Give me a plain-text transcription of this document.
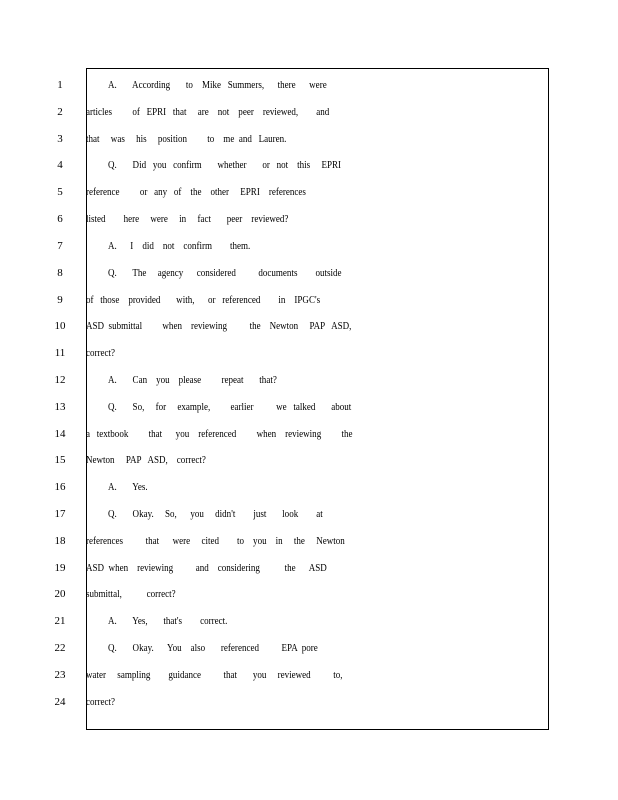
1	A.       According       to    Mike   Summers,      there      were
2	articles         of   EPRI   that     are    not    peer    reviewed,        and
3	that     was     his     position         to    me  and   Lauren.
4	Q.       Did   you   confirm       whether       or   not    this     EPRI
5	reference         or   any   of    the    other     EPRI    references
6	listed        here     were     in     fact       peer    reviewed?
7	A.      I    did    not    confirm        them.
8	Q.       The     agency      considered          documents        outside
9	of   those    provided       with,      or   referenced        in    IPGC's
10 ASD  submittal         when    reviewing          the    Newton     PAP   ASD,
11 correct?
12	A.       Can    you    please         repeat       that?
13	Q.       So,     for     example,         earlier          we   talked       about
14 a   textbook         that      you    referenced         when    reviewing         the
15 Newton     PAP   ASD,    correct?
16	A.       Yes.
17	Q.       Okay.     So,      you     didn't        just       look        at
18 references          that      were     cited        to    you    in     the     Newton
19 ASD  when    reviewing          and    considering           the      ASD
20 submittal,           correct?
21	A.       Yes,       that's        correct.
22	Q.       Okay.      You    also       referenced          EPA  pore
23 water     sampling        guidance          that       you     reviewed          to,
24 correct?
